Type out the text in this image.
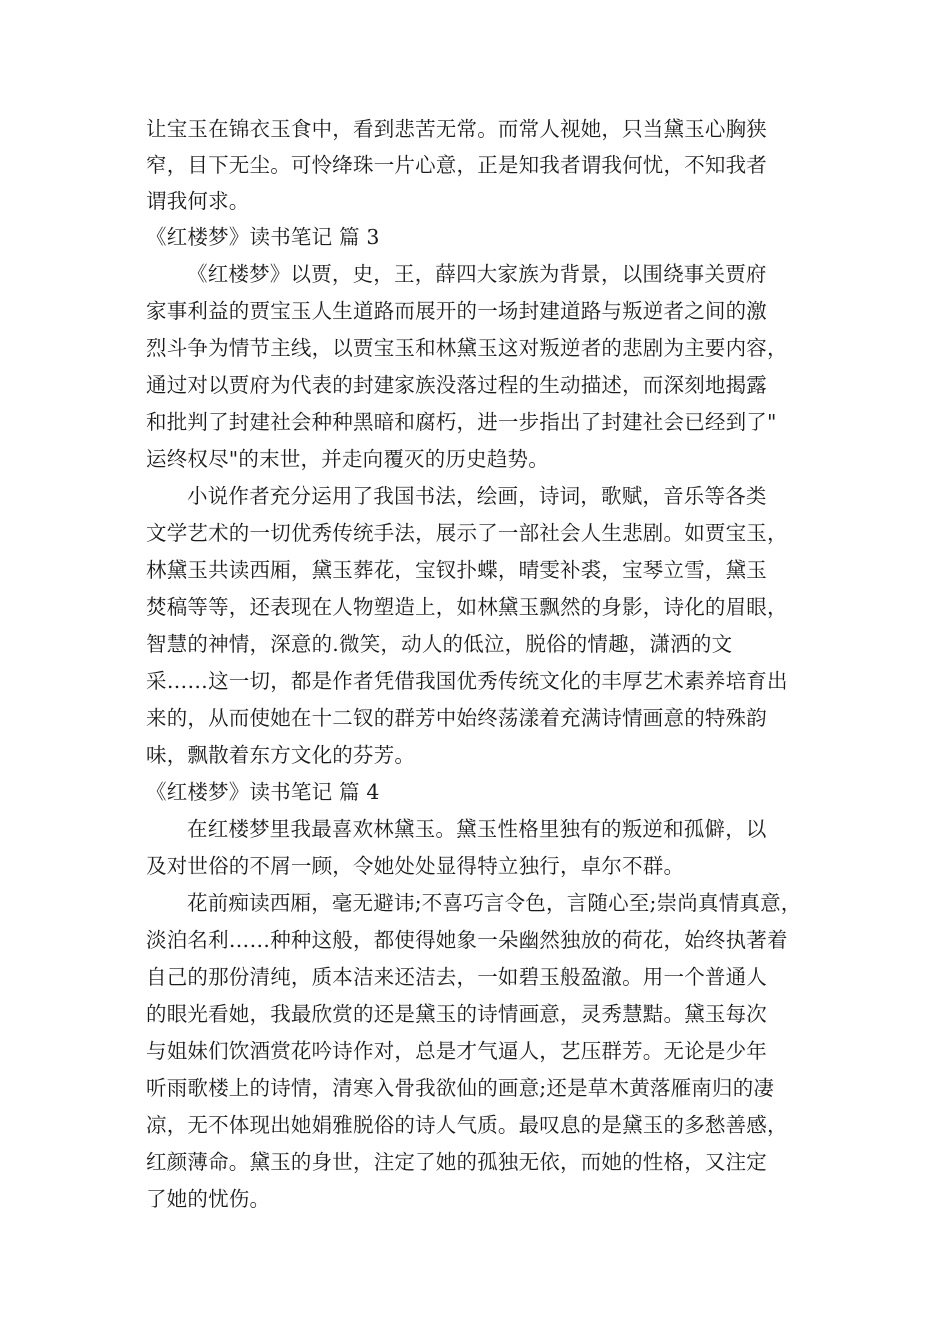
让宝玉在锦衣玉食中，看到悲苦无常。而常人视她，只当黛玉心胸狭
窄，目下无尘。可怜绛珠一片心意，正是知我者谓我何忧，不知我者
谓我何求。
《红楼梦》读书笔记 篇 3
《红楼梦》以贾，史，王，薛四大家族为背景，以围绕事关贾府
家事利益的贾宝玉人生道路而展开的一场封建道路与叛逆者之间的激
烈斗争为情节主线，以贾宝玉和林黛玉这对叛逆者的悲剧为主要内容，
通过对以贾府为代表的封建家族没落过程的生动描述，而深刻地揭露
和批判了封建社会种种黑暗和腐朽，进一步指出了封建社会已经到了"
运终权尽"的末世，并走向覆灭的历史趋势。
小说作者充分运用了我国书法，绘画，诗词，歌赋，音乐等各类
文学艺术的一切优秀传统手法，展示了一部社会人生悲剧。如贾宝玉，
林黛玉共读西厢，黛玉葬花，宝钗扑蝶，晴雯补裘，宝琴立雪，黛玉
焚稿等等，还表现在人物塑造上，如林黛玉飘然的身影，诗化的眉眼，
智慧的神情，深意的.微笑，动人的低泣，脱俗的情趣，潇洒的文
采……这一切，都是作者凭借我国优秀传统文化的丰厚艺术素养培育出
来的，从而使她在十二钗的群芳中始终荡漾着充满诗情画意的特殊韵
味，飘散着东方文化的芬芳。
《红楼梦》读书笔记 篇 4
在红楼梦里我最喜欢林黛玉。黛玉性格里独有的叛逆和孤僻，以
及对世俗的不屑一顾，令她处处显得特立独行，卓尔不群。
花前痴读西厢，毫无避讳;不喜巧言令色，言随心至;崇尚真情真意，
淡泊名利……种种这般，都使得她象一朵幽然独放的荷花，始终执著着
自己的那份清纯，质本洁来还洁去，一如碧玉般盈澈。用一个普通人
的眼光看她，我最欣赏的还是黛玉的诗情画意，灵秀慧黠。黛玉每次
与姐妹们饮酒赏花吟诗作对，总是才气逼人，艺压群芳。无论是少年
听雨歌楼上的诗情，清寒入骨我欲仙的画意;还是草木黄落雁南归的凄
凉，无不体现出她娟雅脱俗的诗人气质。最叹息的是黛玉的多愁善感，
红颜薄命。黛玉的身世，注定了她的孤独无依，而她的性格，又注定
了她的忧伤。
